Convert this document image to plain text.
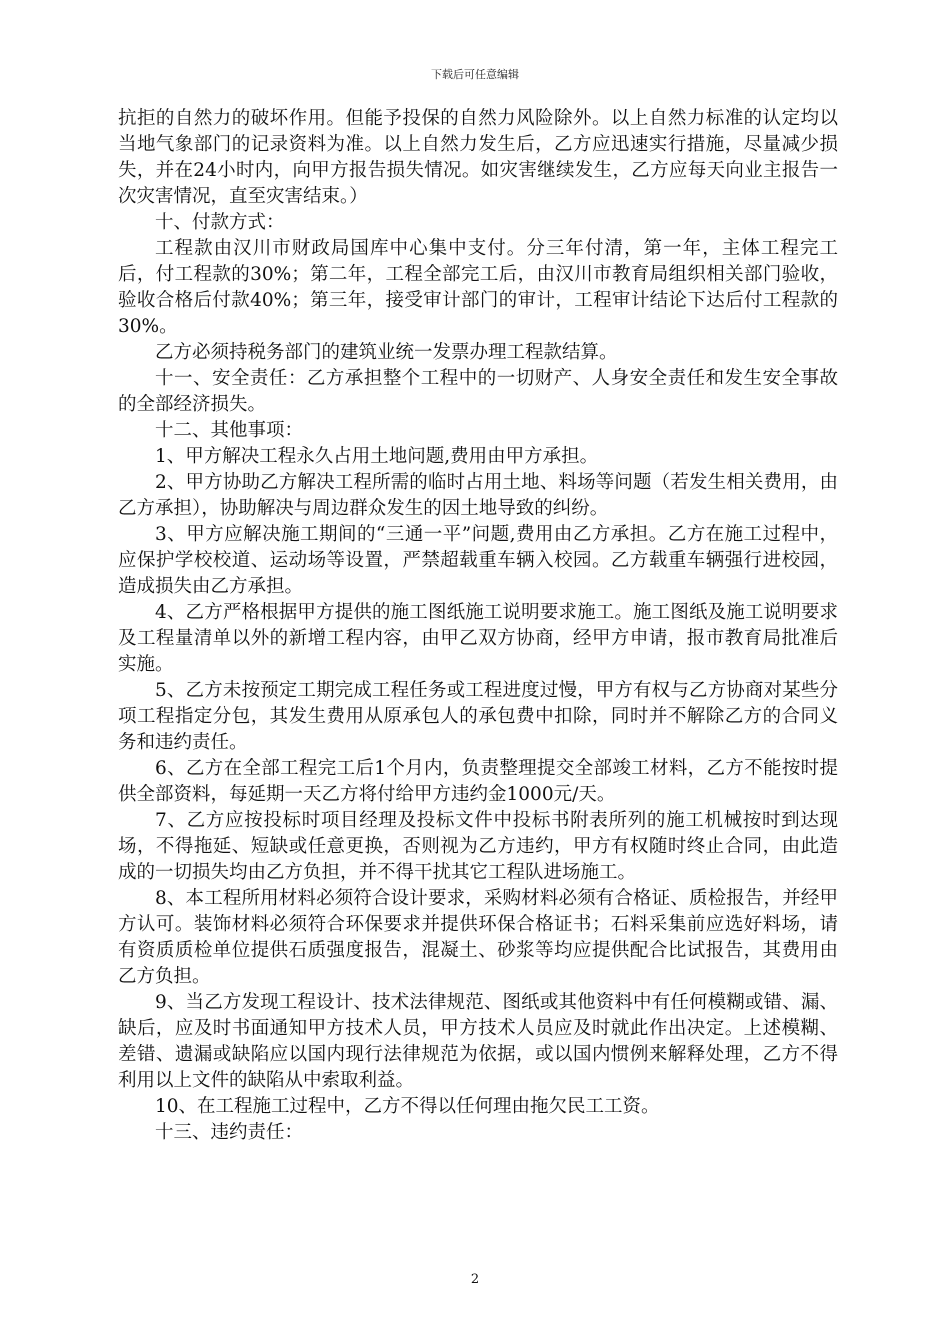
下载后可任意编辑

抗拒的自然力的破坏作用。但能予投保的自然力风险除外。以上自然力标准的认定均以当地气象部门的记录资料为准。以上自然力发生后，乙方应迅速实行措施，尽量减少损失，并在24小时内，向甲方报告损失情况。如灾害继续发生，乙方应每天向业主报告一次灾害情况，直至灾害结束。）

十、付款方式：

工程款由汉川市财政局国库中心集中支付。分三年付清，第一年，主体工程完工后，付工程款的30%；第二年，工程全部完工后，由汉川市教育局组织相关部门验收，验收合格后付款40%；第三年，接受审计部门的审计，工程审计结论下达后付工程款的30%。

乙方必须持税务部门的建筑业统一发票办理工程款结算。

十一、安全责任：乙方承担整个工程中的一切财产、人身安全责任和发生安全事故的全部经济损失。

十二、其他事项：

1、甲方解决工程永久占用土地问题,费用由甲方承担。

2、甲方协助乙方解决工程所需的临时占用土地、料场等问题（若发生相关费用，由乙方承担），协助解决与周边群众发生的因土地导致的纠纷。

3、甲方应解决施工期间的“三通一平”问题,费用由乙方承担。乙方在施工过程中，应保护学校校道、运动场等设置，严禁超载重车辆入校园。乙方载重车辆强行进校园，造成损失由乙方承担。

4、乙方严格根据甲方提供的施工图纸施工说明要求施工。施工图纸及施工说明要求及工程量清单以外的新增工程内容，由甲乙双方协商，经甲方申请，报市教育局批准后实施。

5、乙方未按预定工期完成工程任务或工程进度过慢，甲方有权与乙方协商对某些分项工程指定分包，其发生费用从原承包人的承包费中扣除，同时并不解除乙方的合同义务和违约责任。

6、乙方在全部工程完工后1个月内，负责整理提交全部竣工材料，乙方不能按时提供全部资料，每延期一天乙方将付给甲方违约金1000元/天。

7、乙方应按投标时项目经理及投标文件中投标书附表所列的施工机械按时到达现场，不得拖延、短缺或任意更换，否则视为乙方违约，甲方有权随时终止合同，由此造成的一切损失均由乙方负担，并不得干扰其它工程队进场施工。

8、本工程所用材料必须符合设计要求，采购材料必须有合格证、质检报告，并经甲方认可。装饰材料必须符合环保要求并提供环保合格证书；石料采集前应选好料场，请有资质质检单位提供石质强度报告，混凝土、砂浆等均应提供配合比试报告，其费用由乙方负担。

9、当乙方发现工程设计、技术法律规范、图纸或其他资料中有任何模糊或错、漏、缺后，应及时书面通知甲方技术人员，甲方技术人员应及时就此作出决定。上述模糊、差错、遗漏或缺陷应以国内现行法律规范为依据，或以国内惯例来解释处理，乙方不得利用以上文件的缺陷从中索取利益。

10、在工程施工过程中，乙方不得以任何理由拖欠民工工资。

十三、违约责任：

2
